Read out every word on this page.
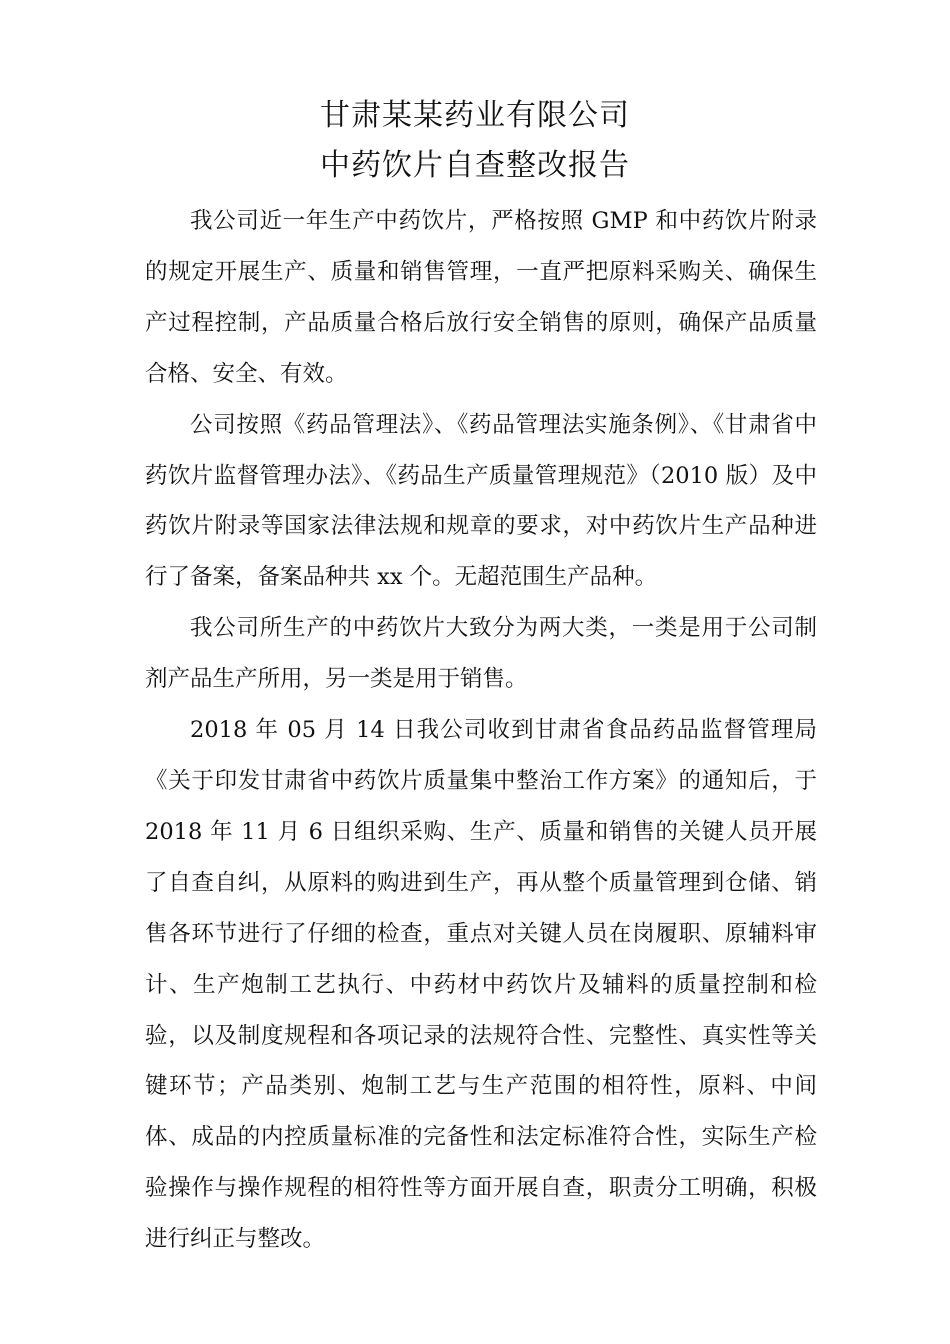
甘肃某某药业有限公司
中药饮片自查整改报告

我公司近一年生产中药饮片，严格按照 GMP 和中药饮片附录的规定开展生产、质量和销售管理，一直严把原料采购关、确保生产过程控制，产品质量合格后放行安全销售的原则，确保产品质量合格、安全、有效。

公司按照《药品管理法》、《药品管理法实施条例》、《甘肃省中药饮片监督管理办法》、《药品生产质量管理规范》（2010 版）及中药饮片附录等国家法律法规和规章的要求，对中药饮片生产品种进行了备案，备案品种共 xx 个。无超范围生产品种。

我公司所生产的中药饮片大致分为两大类，一类是用于公司制剂产品生产所用，另一类是用于销售。

2018 年 05 月 14 日我公司收到甘肃省食品药品监督管理局《关于印发甘肃省中药饮片质量集中整治工作方案》的通知后，于 2018 年 11 月 6 日组织采购、生产、质量和销售的关键人员开展了自查自纠，从原料的购进到生产，再从整个质量管理到仓储、销售各环节进行了仔细的检查，重点对关键人员在岗履职、原辅料审计、生产炮制工艺执行、中药材中药饮片及辅料的质量控制和检验，以及制度规程和各项记录的法规符合性、完整性、真实性等关键环节；产品类别、炮制工艺与生产范围的相符性，原料、中间体、成品的内控质量标准的完备性和法定标准符合性，实际生产检验操作与操作规程的相符性等方面开展自查，职责分工明确，积极进行纠正与整改。
